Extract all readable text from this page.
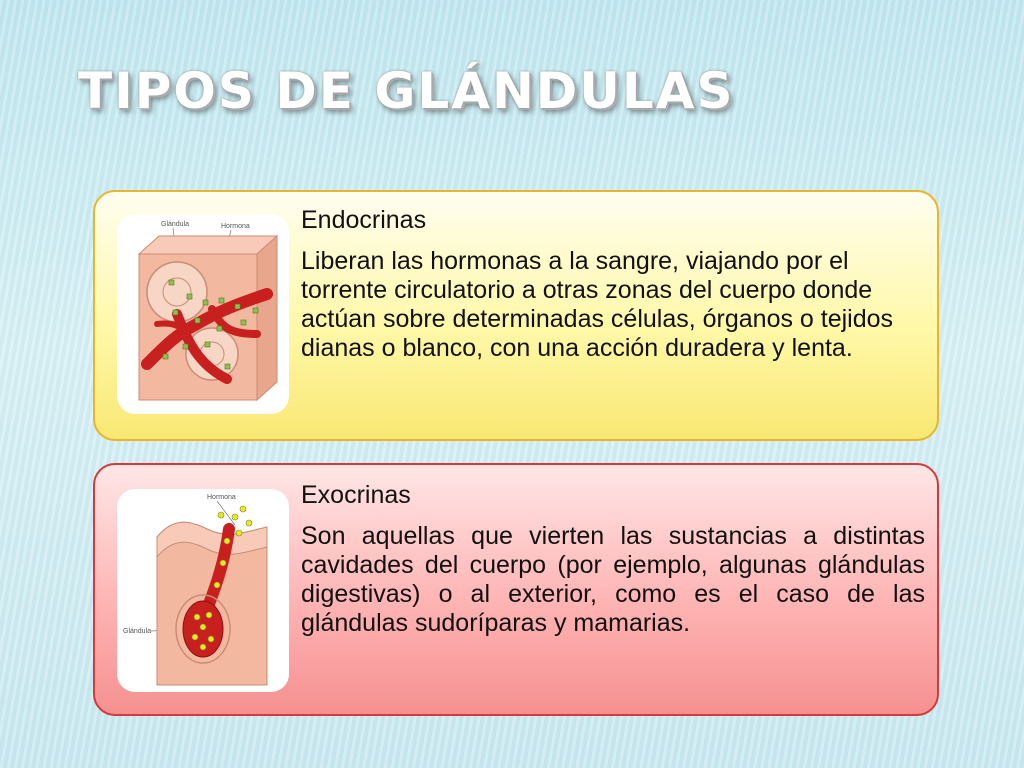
TIPOS DE GLÁNDULAS
Glándula	Hormona Endocrinas

Liberan las hormonas a la sangre, viajando por el torrente circulatorio a otras zonas del cuerpo donde actúan sobre determinadas células, órganos o tejidos dianas o blanco, con una acción duradera y lenta.

Hormona
Glándula

Exocrinas

Son aquellas que vierten las sustancias a distintas cavidades del cuerpo (por ejemplo, algunas glándulas digestivas) o al exterior, como es el caso de las glándulas sudoríparas y mamarias.
